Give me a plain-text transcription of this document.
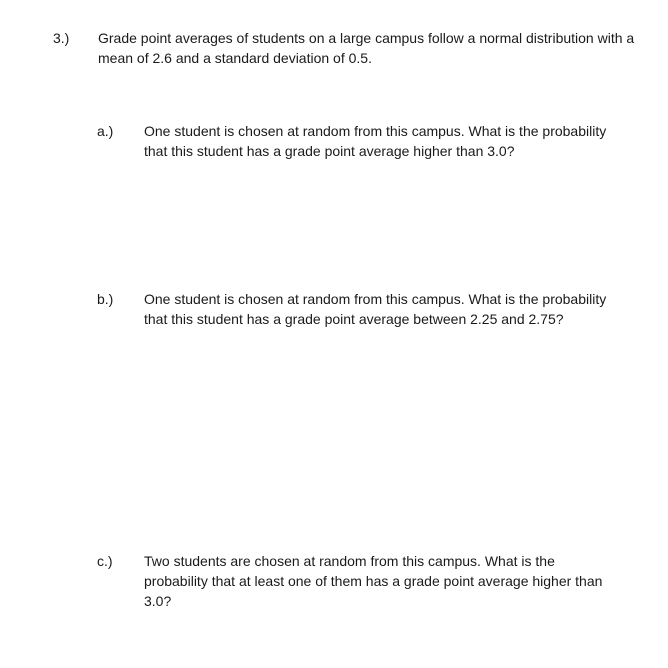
3.) Grade point averages of students on a large campus follow a normal distribution with a mean of 2.6 and a standard deviation of 0.5.
a.) One student is chosen at random from this campus. What is the probability that this student has a grade point average higher than 3.0?
b.) One student is chosen at random from this campus. What is the probability that this student has a grade point average between 2.25 and 2.75?
c.) Two students are chosen at random from this campus. What is the probability that at least one of them has a grade point average higher than 3.0?
